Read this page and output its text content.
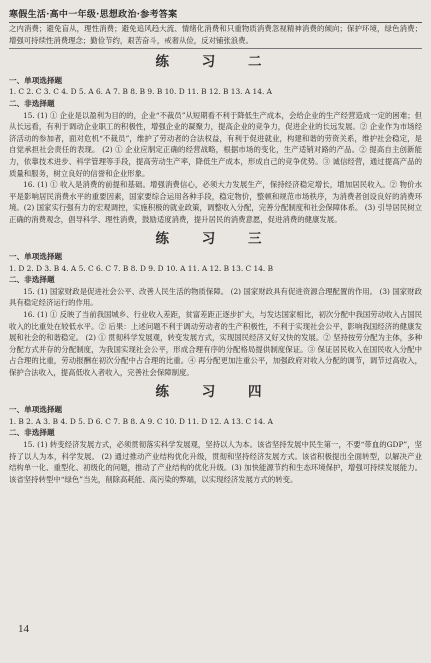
寒假生活·高中一年级·思想政治·参考答案

之内消费；避免盲从，理性消费；避免追风趋大流、情绪化消费和只重物质消费忽视精神消费的倾向；保护环境，绿色消费；增强可持续性消费理念；勤俭节约，艰苦奋斗，戒奢从俭，反对铺张浪费。

练 习 二
一、单项选择题

1. C 2. C 3. C 4. D 5. A 6. A 7. B 8. B 9. B 10. D 11. B 12. B 13. A 14. A

二、非选择题

15. (1) ① 企业是以盈利为目的的，企业“不裁员”从短期看不利于降低生产成本，会给企业的生产经营造成一定的困难；但从长远看，有利于调动企业职工的积极性，增强企业的凝聚力，提高企业的竞争力，促进企业的长远发展。② 企业作为市场经济活动的参加者，面对危机“不裁员”，维护了劳动者的合法权益，有利于促进就业，构建和谐的劳资关系，维护社会稳定，是自觉承担社会责任的表现。 (2) ① 企业应制定正确的经营战略，根据市场的变化，生产适销对路的产品。② 提高自主创新能力，依靠技术进步、科学管理等手段，提高劳动生产率，降低生产成本，形成自己的竞争优势。③ 诚信经营，通过提高产品的质量和服务，树立良好的信誉和企业形象。

16. (1) ① 收入是消费的前提和基础。增强消费信心，必须大力发展生产，保持经济稳定增长，增加居民收入。② 物价水平是影响居民消费水平的重要因素，国家要综合运用各种手段，稳定物价，整顿和规范市场秩序，为消费者创设良好的消费环境。(2) 国家实行强有力的宏观调控，实施积极的就业政策，调整收入分配，完善分配制度和社会保障体系。 (3) 引导居民树立正确的消费观念，倡导科学、理性消费，鼓励适度消费，提升居民的消费意愿，促进消费的健康发展。

练 习 三
一、单项选择题

1. D 2. D 3. B 4. A 5. C 6. C 7. B 8. D 9. D 10. A 11. A 12. B 13. C 14. B

二、非选择题

15. (1) 国家财政是促进社会公平、改善人民生活的物质保障。 (2) 国家财政具有促进资源合理配置的作用。 (3) 国家财政具有稳定经济运行的作用。

16. (1) ① 反映了当前我国城乡、行业收入差距，贫富差距正逐步扩大，与发达国家相比，初次分配中我国劳动收入占国民收入的比重处在较低水平。② 后果：上述问题不利于调动劳动者的生产积极性，不利于实现社会公平，影响我国经济的健康发展和社会的和谐稳定。 (2) ① 贯彻科学发展观，转变发展方式，实现国民经济又好又快的发展。② 坚持按劳分配为主体，多种分配方式并存的分配制度，为我国实现社会公平，形成合理有序的分配格局提供制度保证。③ 保证居民收入在国民收入分配中占合理的比重，劳动报酬在初次分配中占合理的比重。④ 再分配更加注重公平，加强政府对收入分配的调节，调节过高收入，保护合法收入，提高低收入者收入，完善社会保障制度。

练 习 四
一、单项选择题

1. B 2. A 3. B 4. D 5. D 6. C 7. B 8. A 9. C 10. D 11. D 12. A 13. C 14. A

二、非选择题

15. (1) 转变经济发展方式，必须贯彻落实科学发展观，坚持以人为本。该省坚持发展中民生第一，不要“带血的GDP”，坚持了以人为本，科学发展。 (2) 通过推动产业结构优化升级，贯彻和坚持经济发展方式。该省积极提出全面转型，以解决产业结构单一化、重型化、初级化的问题，推动了产业结构的优化升级。(3) 加快能源节约和生态环境保护，增强可持续发展能力。该省坚持转型中“绿色”当先，削除高耗能、高污染的弊端，以实现经济发展方式的转变。

14
